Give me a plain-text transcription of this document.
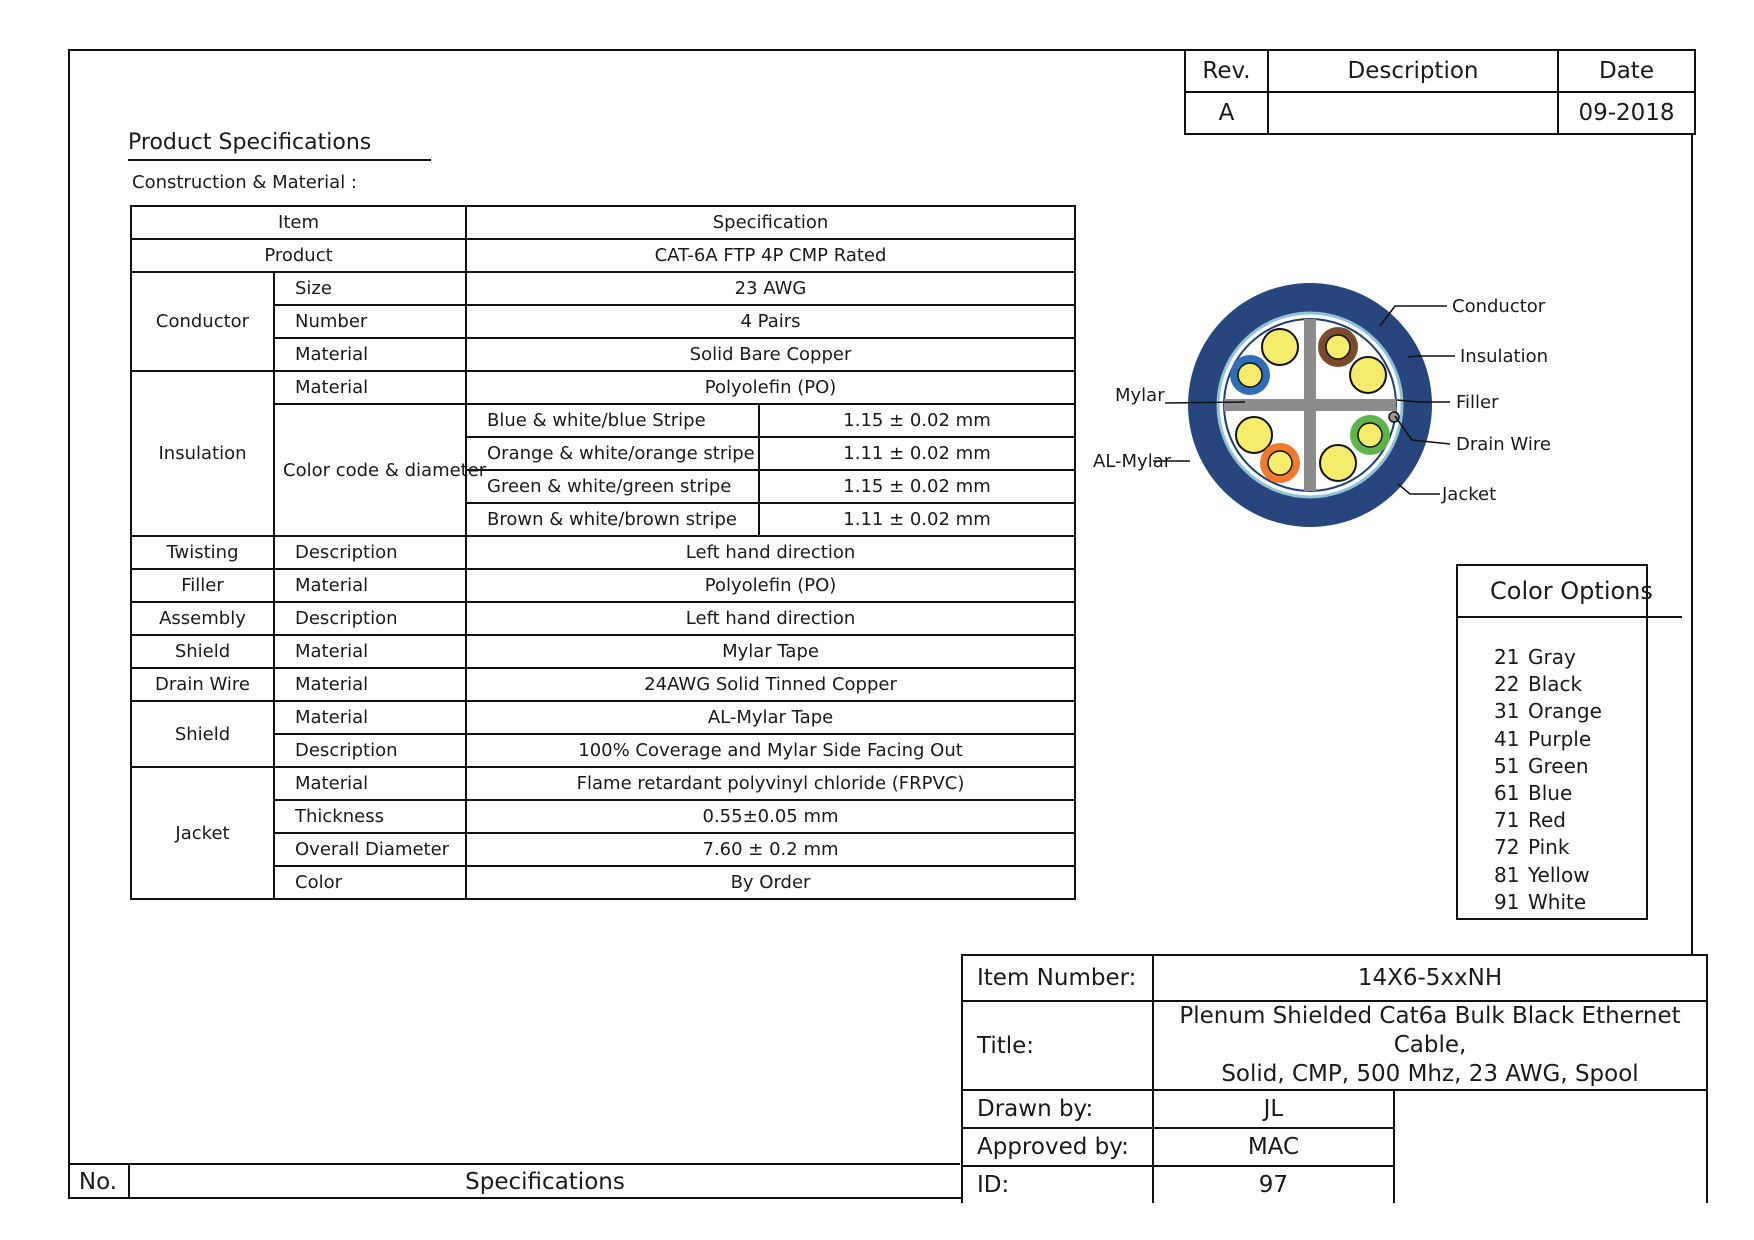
Rev.	Description	Date
A		09-2018
Product Specifications
Construction & Material :
Item		Specification	
Product		CAT-6A FTP 4P CMP Rated	
Conductor	Size	23 AWG	
	Number	4 Pairs	
	Material	Solid Bare Copper	
Insulation	Material	Polyolefin (PO)	
	Color code & diameter	Blue & white/blue Stripe	1.15 ± 0.02 mm
		Orange & white/orange stripe	1.11 ± 0.02 mm
		Green & white/green stripe	1.15 ± 0.02 mm
		Brown & white/brown stripe	1.11 ± 0.02 mm
Twisting	Description	Left hand direction	
Filler	Material	Polyolefin (PO)	
Assembly	Description	Left hand direction	
Shield	Material	Mylar Tape	
Drain Wire	Material	24AWG Solid Tinned Copper	
Shield	Material	AL-Mylar Tape	
	Description	100% Coverage and Mylar Side Facing Out	
Jacket	Material	Flame retardant polyvinyl chloride (FRPVC)	
	Thickness	0.55±0.05 mm	
	Overall Diameter	7.60 ± 0.2 mm	
	Color	By Order	
Conductor
Insulation
Filler
Drain Wire
Jacket
Mylar
AL-Mylar
Color Options
21 Gray
22 Black
31 Orange
41 Purple
51 Green
61 Blue
71 Red
72 Pink
81 Yellow
91 White
Item Number:	14X6-5xxNH	
Title:	Plenum Shielded Cat6a Bulk Black Ethernet Cable,
Solid, CMP, 500 Mhz, 23 AWG, Spool	

Drawn by:	JL	
Approved by:	MAC	
ID:	97	
No.	Specifications
